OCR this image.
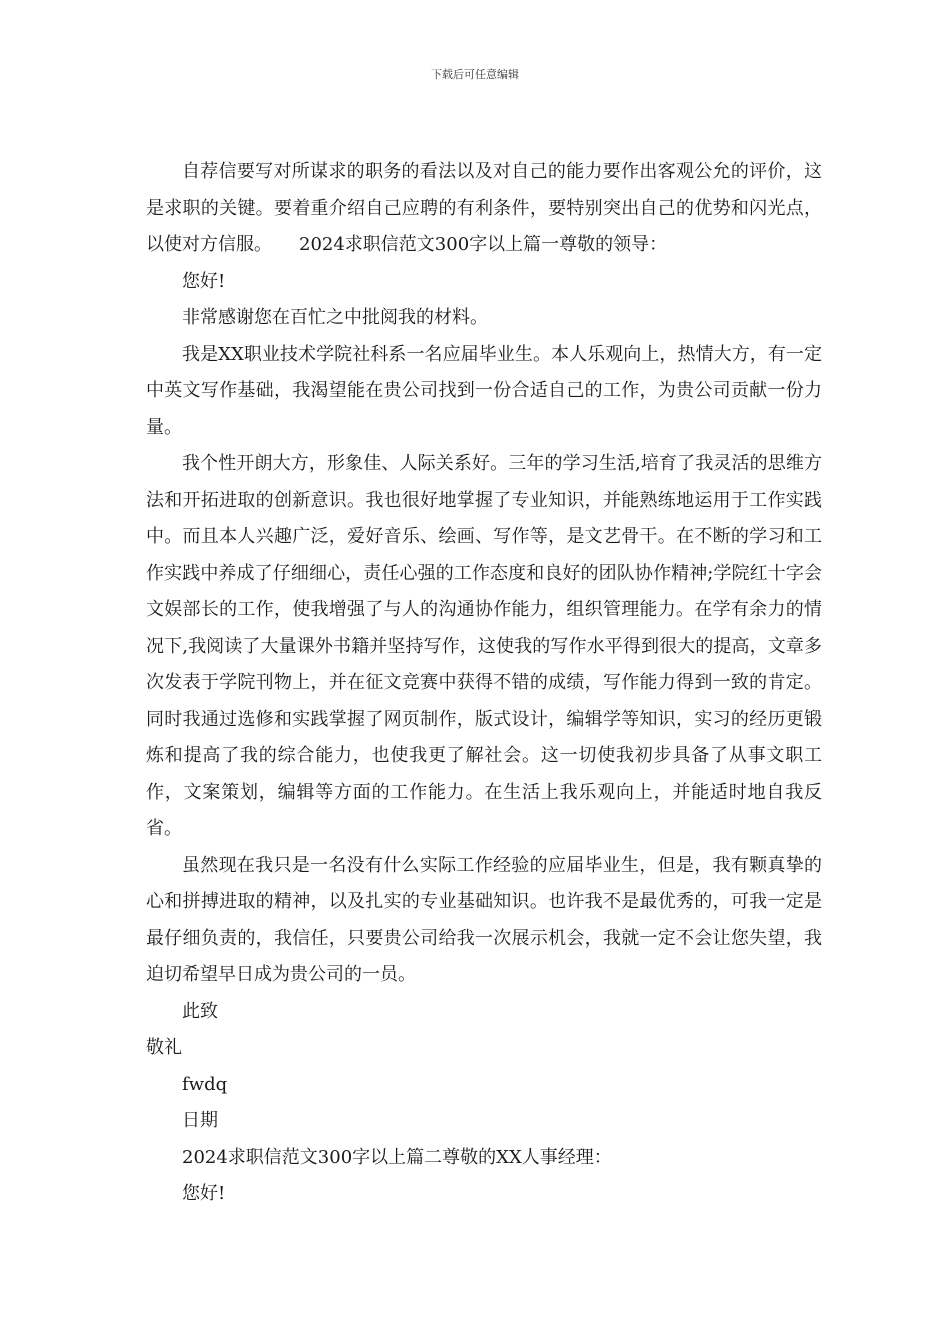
下载后可任意编辑

自荐信要写对所谋求的职务的看法以及对自己的能力要作出客观公允的评价，这是求职的关键。要着重介绍自己应聘的有利条件，要特别突出自己的优势和闪光点，以使对方信服。　　2024求职信范文300字以上篇一尊敬的领导：

您好!

非常感谢您在百忙之中批阅我的材料。

我是XX职业技术学院社科系一名应届毕业生。本人乐观向上，热情大方，有一定中英文写作基础，我渴望能在贵公司找到一份合适自己的工作，为贵公司贡献一份力量。

我个性开朗大方，形象佳、人际关系好。三年的学习生活,培育了我灵活的思维方法和开拓进取的创新意识。我也很好地掌握了专业知识，并能熟练地运用于工作实践中。而且本人兴趣广泛，爱好音乐、绘画、写作等，是文艺骨干。在不断的学习和工作实践中养成了仔细细心，责任心强的工作态度和良好的团队协作精神;学院红十字会文娱部长的工作，使我增强了与人的沟通协作能力，组织管理能力。在学有余力的情况下,我阅读了大量课外书籍并坚持写作，这使我的写作水平得到很大的提高，文章多次发表于学院刊物上，并在征文竞赛中获得不错的成绩，写作能力得到一致的肯定。同时我通过选修和实践掌握了网页制作，版式设计，编辑学等知识，实习的经历更锻炼和提高了我的综合能力，也使我更了解社会。这一切使我初步具备了从事文职工作，文案策划，编辑等方面的工作能力。在生活上我乐观向上，并能适时地自我反省。

虽然现在我只是一名没有什么实际工作经验的应届毕业生，但是，我有颗真挚的心和拼搏进取的精神，以及扎实的专业基础知识。也许我不是最优秀的，可我一定是最仔细负责的，我信任，只要贵公司给我一次展示机会，我就一定不会让您失望，我迫切希望早日成为贵公司的一员。

此致

敬礼

fwdq

日期

2024求职信范文300字以上篇二尊敬的XX人事经理：

您好!
